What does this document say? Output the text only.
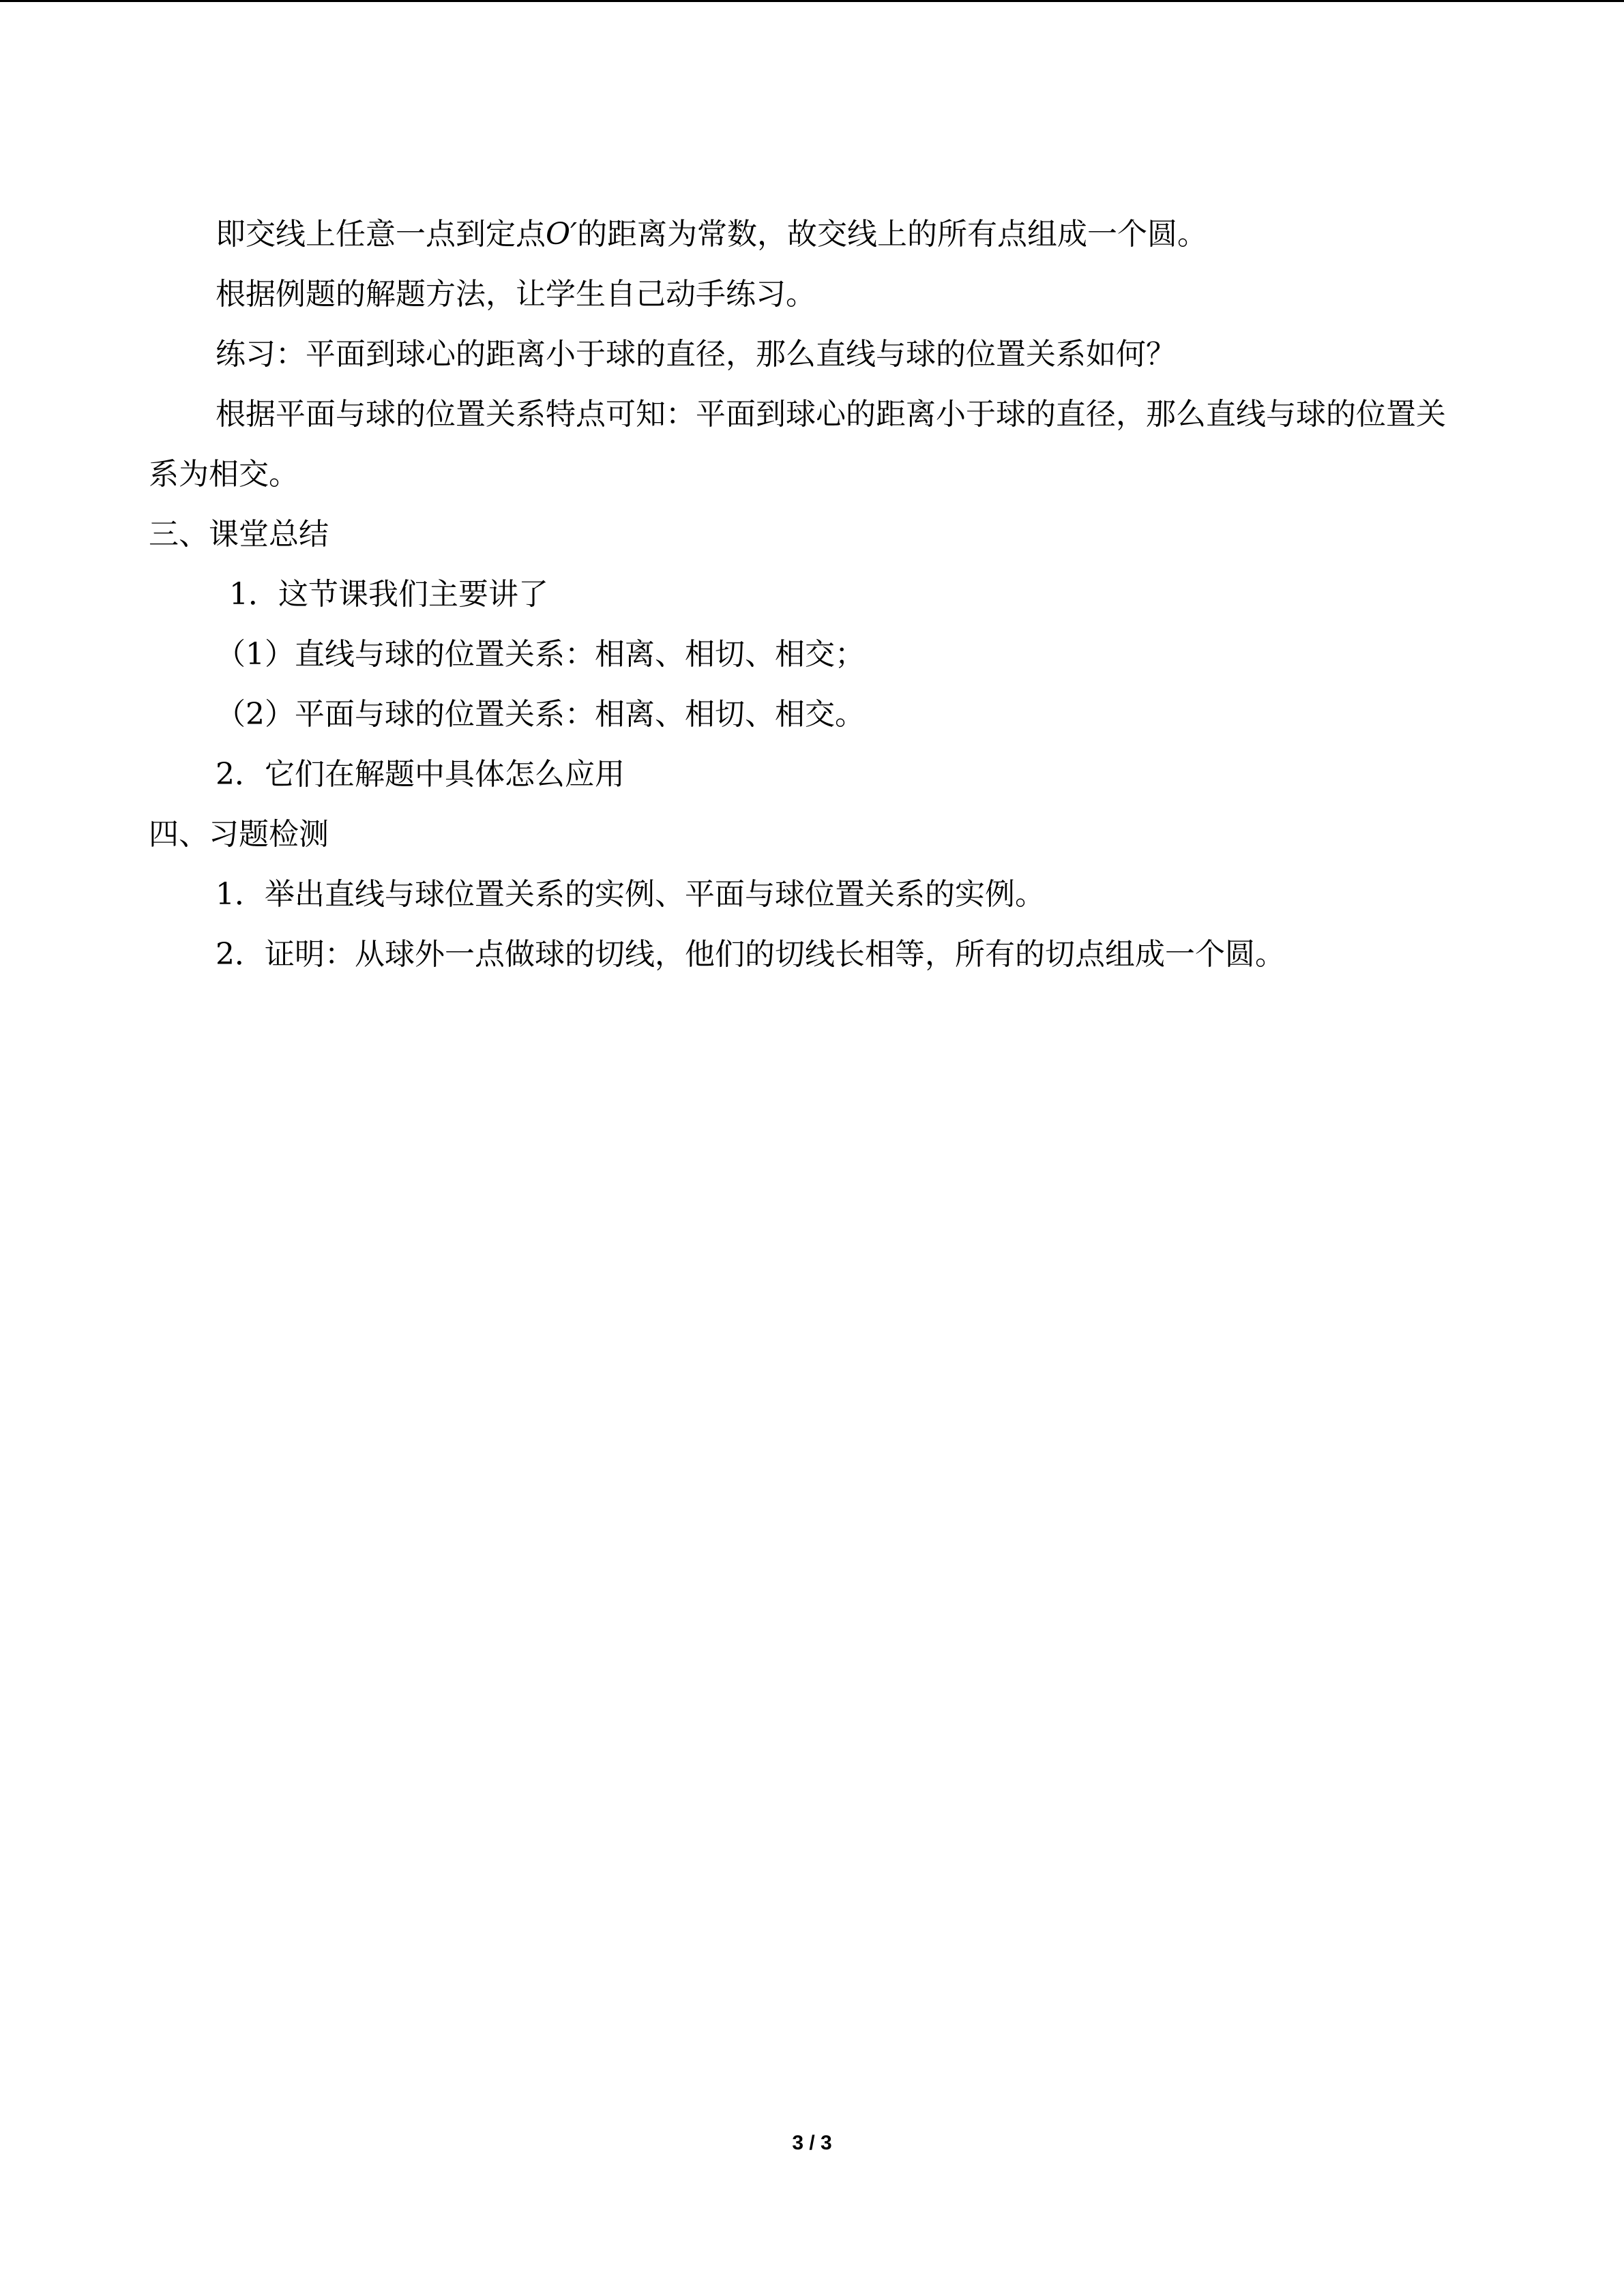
即交线上任意一点到定点O′的距离为常数，故交线上的所有点组成一个圆。
根据例题的解题方法，让学生自己动手练习。
练习：平面到球心的距离小于球的直径，那么直线与球的位置关系如何？
根据平面与球的位置关系特点可知：平面到球心的距离小于球的直径，那么直线与球的位置关系为相交。
三、课堂总结
1．这节课我们主要讲了
（1）直线与球的位置关系：相离、相切、相交；
（2）平面与球的位置关系：相离、相切、相交。
2．它们在解题中具体怎么应用
四、习题检测
1．举出直线与球位置关系的实例、平面与球位置关系的实例。
2．证明：从球外一点做球的切线，他们的切线长相等，所有的切点组成一个圆。
3 / 3
